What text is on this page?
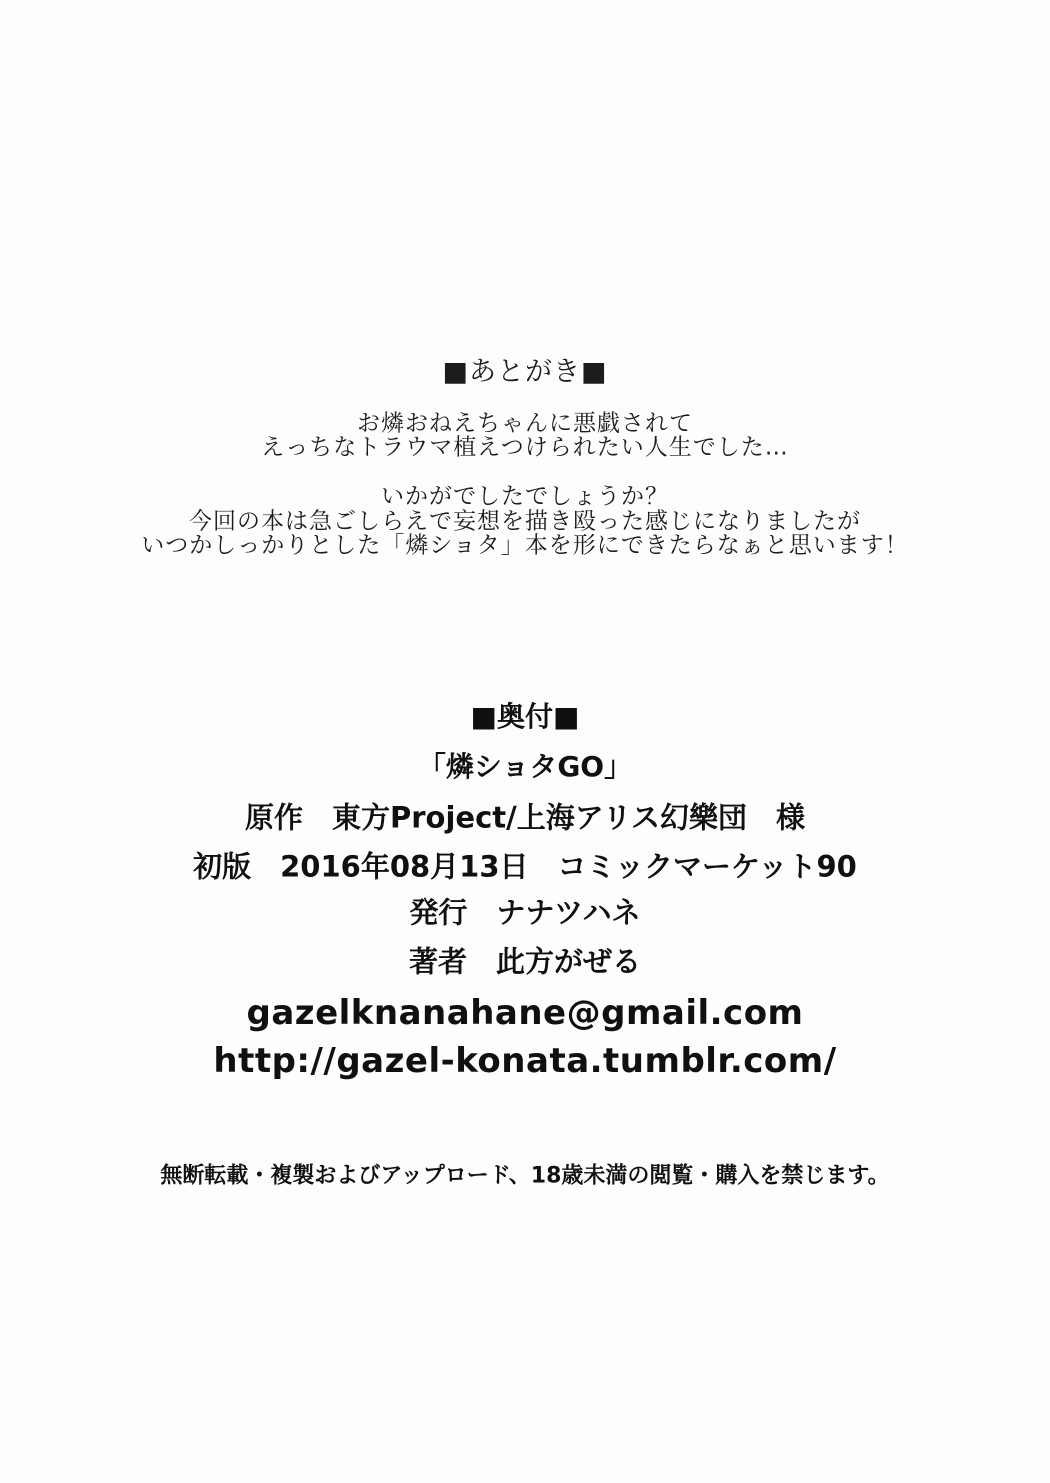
■あとがき■
お燐おねえちゃんに悪戯されて
えっちなトラウマ植えつけられたい人生でした…
いかがでしたでしょうか？
今回の本は急ごしらえで妄想を描き殴った感じになりましたが
いつかしっかりとした「燐ショタ」本を形にできたらなぁと思います！
■奥付■
「燐ショタGO」
原作　東方Project/上海アリス幻樂団　様
初版　2016年08月13日　コミックマーケット90
発行　ナナツハネ
著者　此方がぜる
gazelknanahane@gmail.com
http://gazel-konata.tumblr.com/
無断転載・複製およびアップロード、18歳未満の閲覧・購入を禁じます。
